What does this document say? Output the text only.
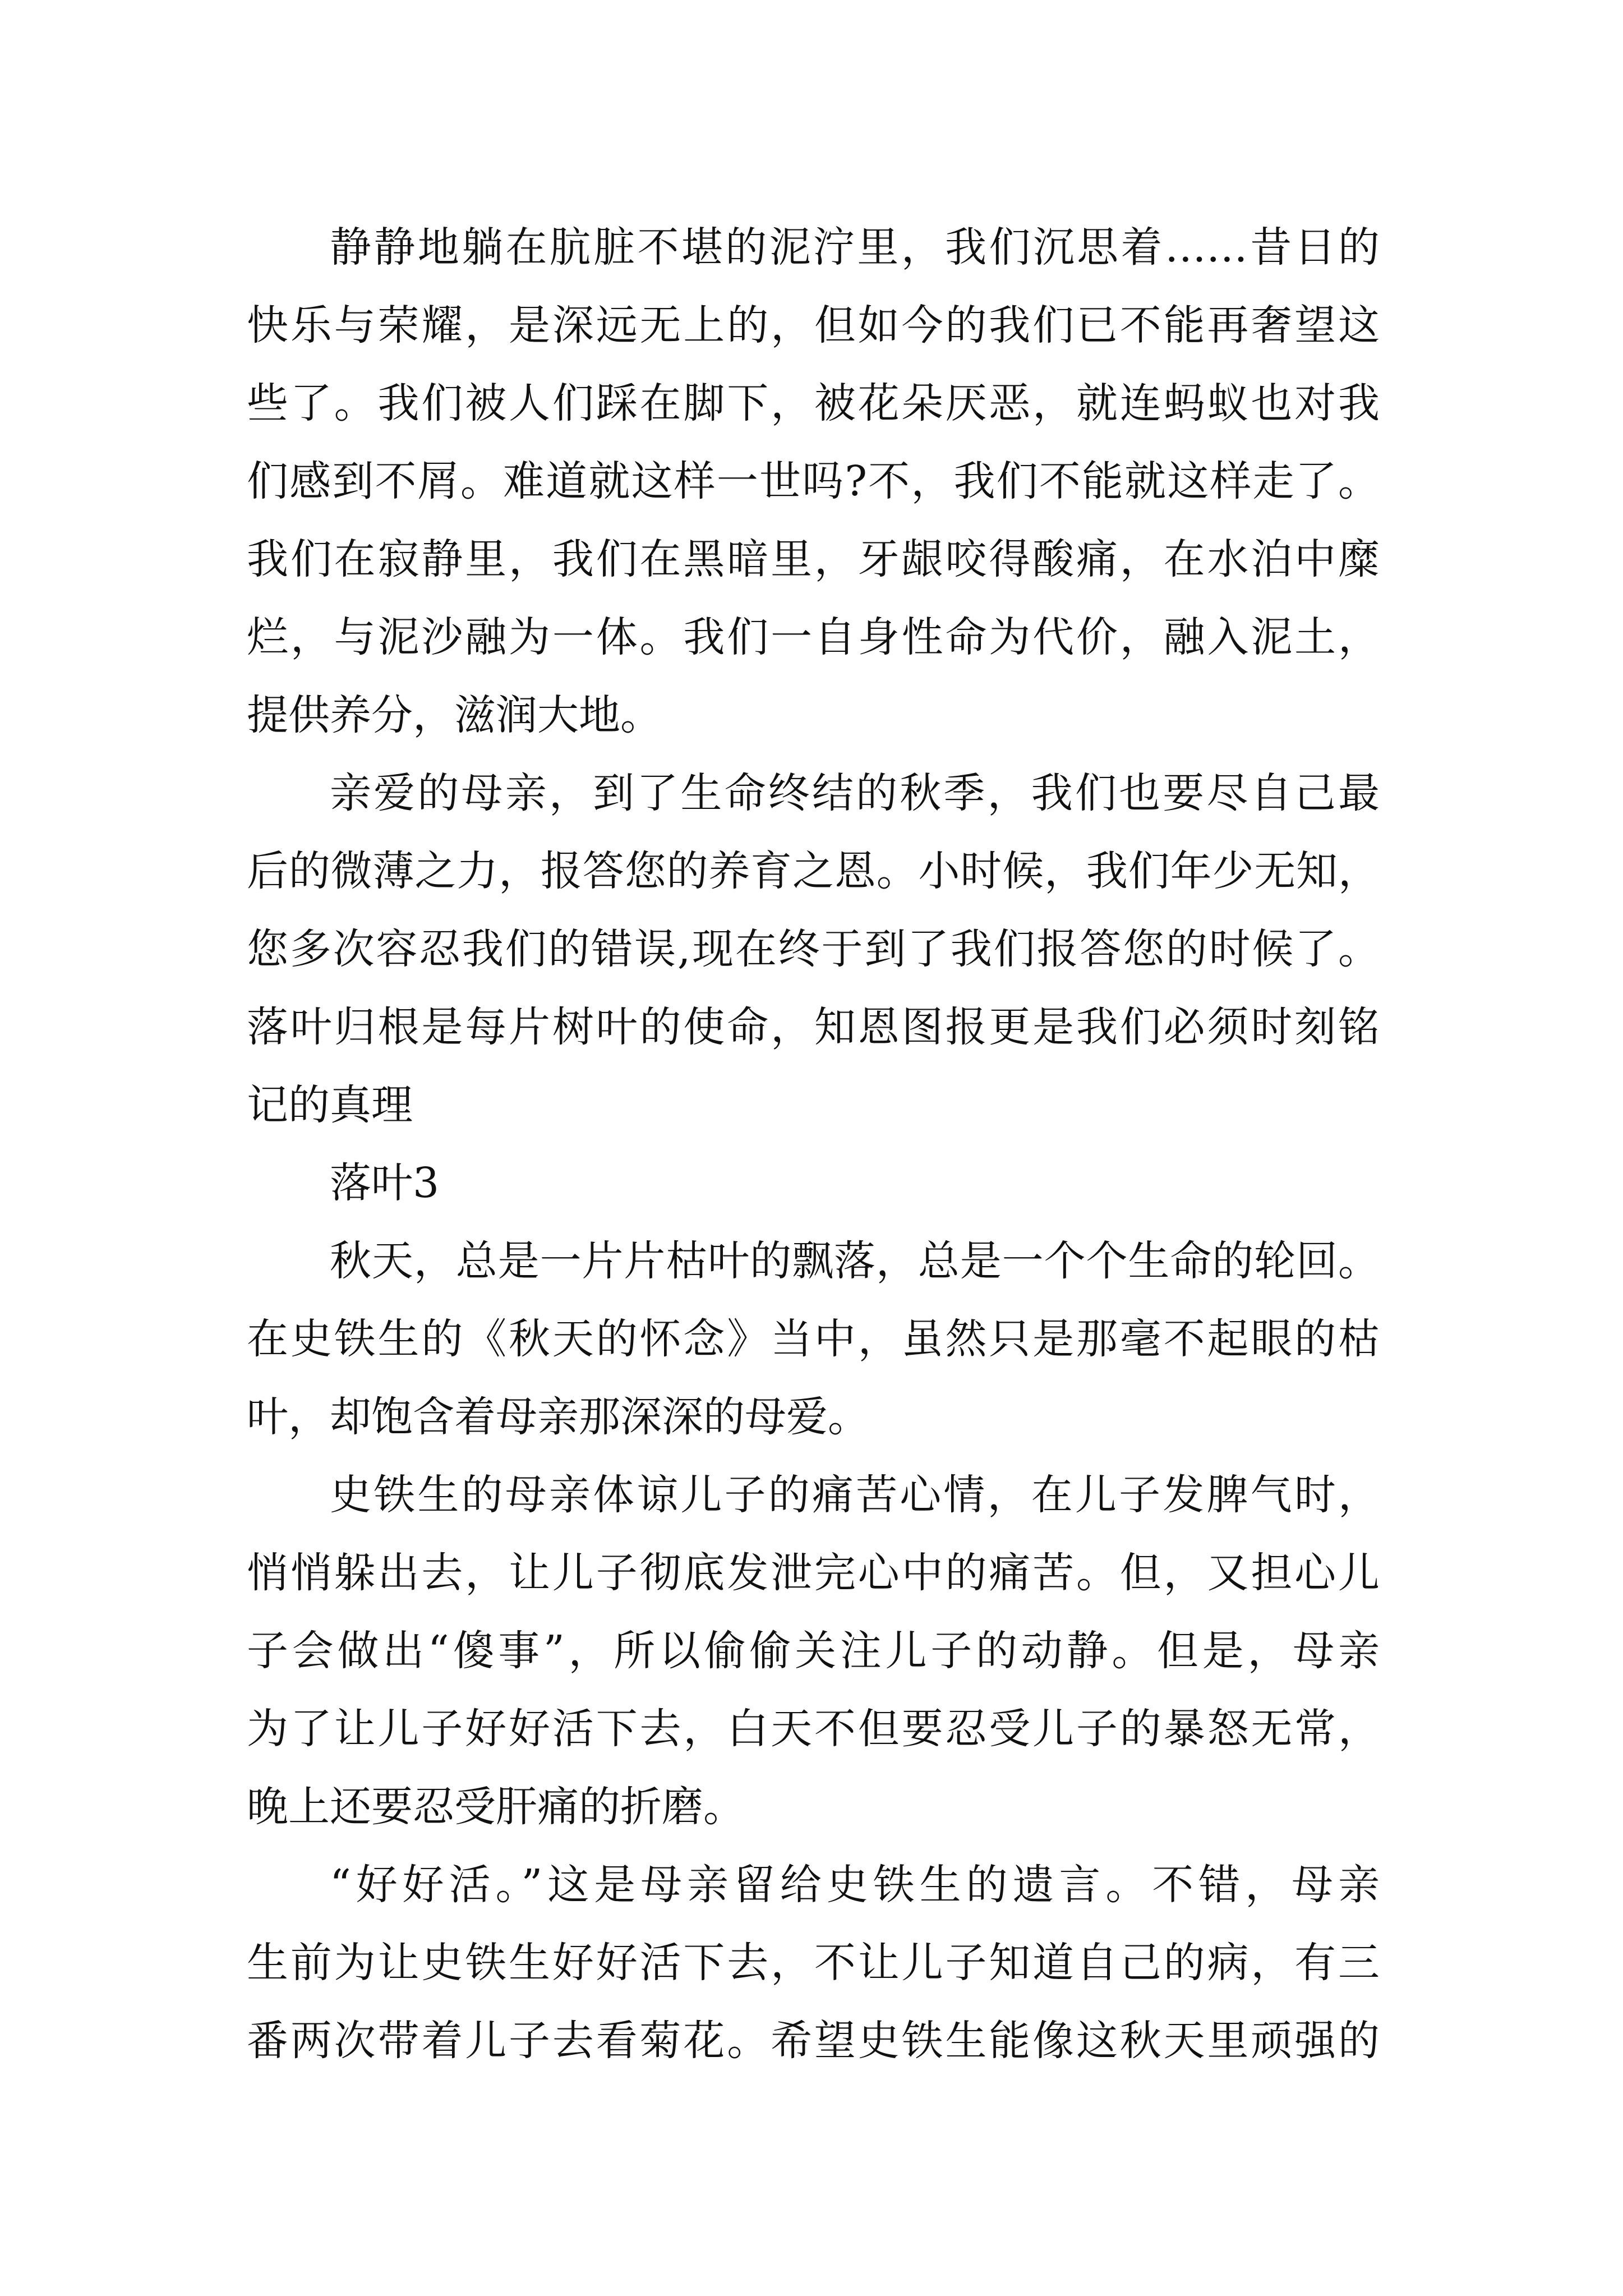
静静地躺在肮脏不堪的泥泞里，我们沉思着……昔日的
快乐与荣耀，是深远无上的，但如今的我们已不能再奢望这
些了。我们被人们踩在脚下，被花朵厌恶，就连蚂蚁也对我
们感到不屑。难道就这样一世吗?不，我们不能就这样走了。
我们在寂静里，我们在黑暗里，牙龈咬得酸痛，在水泊中糜
烂，与泥沙融为一体。我们一自身性命为代价，融入泥土，
提供养分，滋润大地。
亲爱的母亲，到了生命终结的秋季，我们也要尽自己最
后的微薄之力，报答您的养育之恩。小时候，我们年少无知，
您多次容忍我们的错误,现在终于到了我们报答您的时候了。
落叶归根是每片树叶的使命，知恩图报更是我们必须时刻铭
记的真理
落叶3
秋天，总是一片片枯叶的飘落，总是一个个生命的轮回。
在史铁生的《秋天的怀念》当中，虽然只是那毫不起眼的枯
叶，却饱含着母亲那深深的母爱。
史铁生的母亲体谅儿子的痛苦心情，在儿子发脾气时，
悄悄躲出去，让儿子彻底发泄完心中的痛苦。但，又担心儿
子会做出“傻事”，所以偷偷关注儿子的动静。但是，母亲
为了让儿子好好活下去，白天不但要忍受儿子的暴怒无常，
晚上还要忍受肝痛的折磨。
“好好活。”这是母亲留给史铁生的遗言。不错，母亲
生前为让史铁生好好活下去，不让儿子知道自己的病，有三
番两次带着儿子去看菊花。希望史铁生能像这秋天里顽强的
